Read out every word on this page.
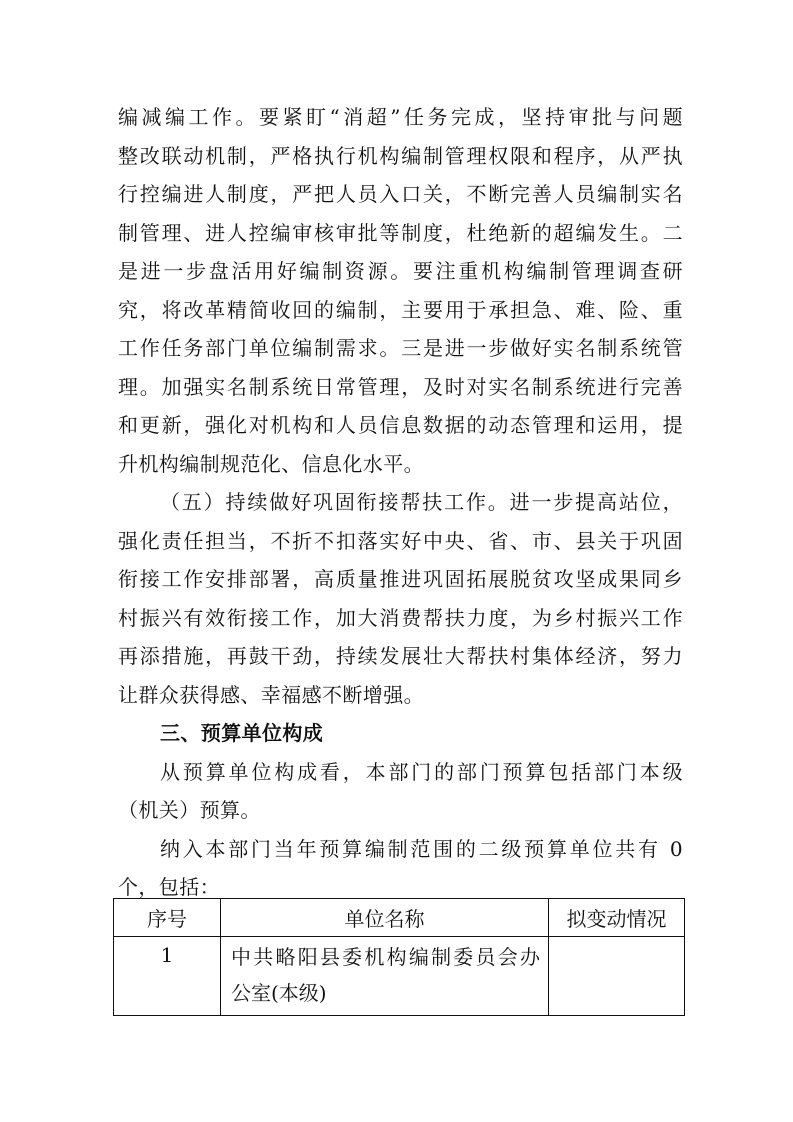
编减编工作。要紧盯“消超”任务完成，坚持审批与问题
整改联动机制，严格执行机构编制管理权限和程序，从严执
行控编进人制度，严把人员入口关，不断完善人员编制实名
制管理、进人控编审核审批等制度，杜绝新的超编发生。二
是进一步盘活用好编制资源。要注重机构编制管理调查研
究，将改革精简收回的编制，主要用于承担急、难、险、重
工作任务部门单位编制需求。三是进一步做好实名制系统管
理。加强实名制系统日常管理，及时对实名制系统进行完善
和更新，强化对机构和人员信息数据的动态管理和运用，提
升机构编制规范化、信息化水平。
（五）持续做好巩固衔接帮扶工作。进一步提高站位，
强化责任担当，不折不扣落实好中央、省、市、县关于巩固
衔接工作安排部署，高质量推进巩固拓展脱贫攻坚成果同乡
村振兴有效衔接工作，加大消费帮扶力度，为乡村振兴工作
再添措施，再鼓干劲，持续发展壮大帮扶村集体经济，努力
让群众获得感、幸福感不断增强。
三、预算单位构成
从预算单位构成看，本部门的部门预算包括部门本级
（机关）预算。
纳入本部门当年预算编制范围的二级预算单位共有 0
个，包括：
序号	单位名称	拟变动情况
1	中共略阳县委机构编制委员会办
公室(本级)	
